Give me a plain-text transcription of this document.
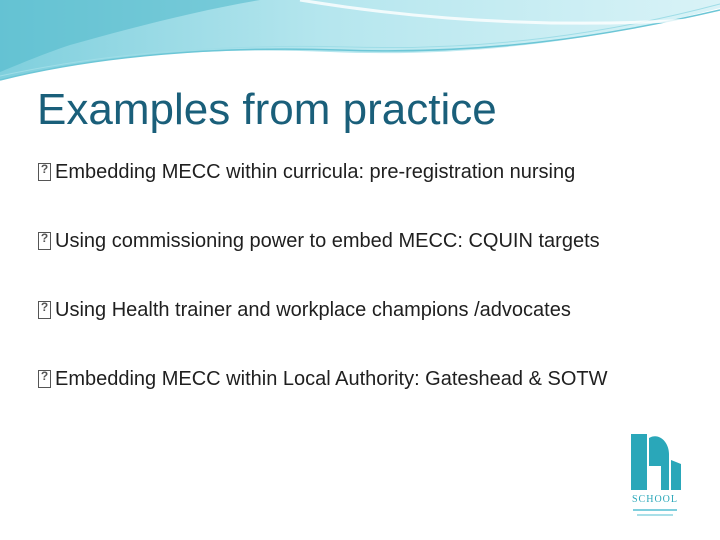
Examples from practice
?
Embedding MECC within curricula: pre-registration nursing
?
Using commissioning power to embed MECC: CQUIN targets
?
Using Health trainer and workplace champions /advocates
?
Embedding MECC within Local Authority: Gateshead & SOTW
SCHOOL
